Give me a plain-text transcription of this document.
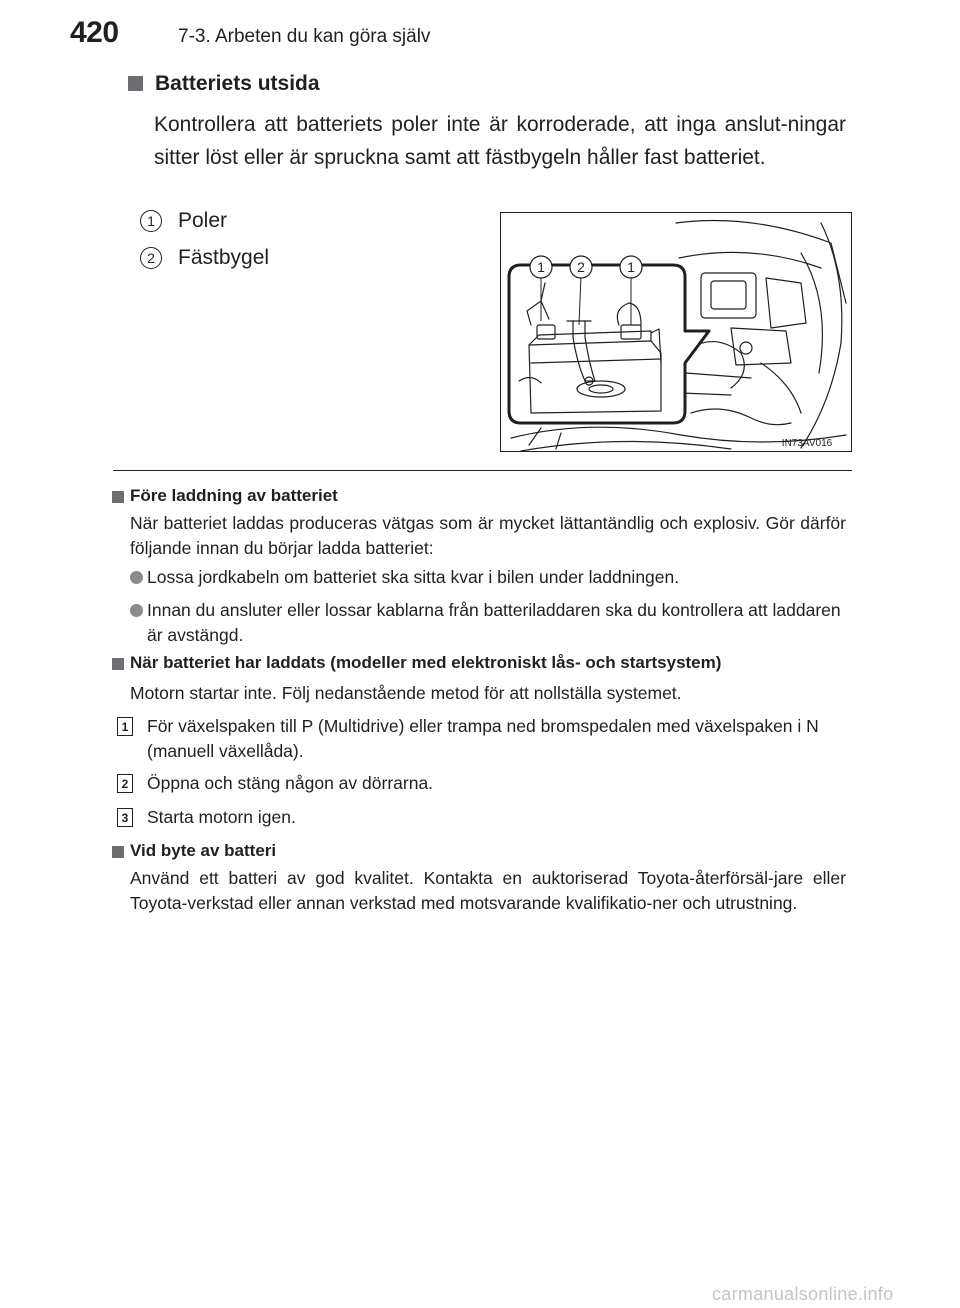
420	7-3. Arbeten du kan göra själv
Batteriets utsida
Kontrollera att batteriets poler inte är korroderade, att inga anslut-ningar sitter löst eller är spruckna samt att fästbygeln håller fast batteriet.
1	Poler
2	Fästbygel	1 2	1
IN73AV016
Före laddning av batteriet
När batteriet laddas produceras vätgas som är mycket lättantändlig och explosiv. Gör därför följande innan du börjar ladda batteriet:
Lossa jordkabeln om batteriet ska sitta kvar i bilen under laddningen.
Innan du ansluter eller lossar kablarna från batteriladdaren ska du kontrollera att laddaren är avstängd.
När batteriet har laddats (modeller med elektroniskt lås- och startsystem)
Motorn startar inte. Följ nedanstående metod för att nollställa systemet.
1 För växelspaken till P (Multidrive) eller trampa ned bromspedalen med växelspaken i N (manuell växellåda).
2 Öppna och stäng någon av dörrarna.
3 Starta motorn igen.
Vid byte av batteri
Använd ett batteri av god kvalitet. Kontakta en auktoriserad Toyota-återförsäl-jare eller Toyota-verkstad eller annan verkstad med motsvarande kvalifikatio-ner och utrustning.
carmanualsonline.info
